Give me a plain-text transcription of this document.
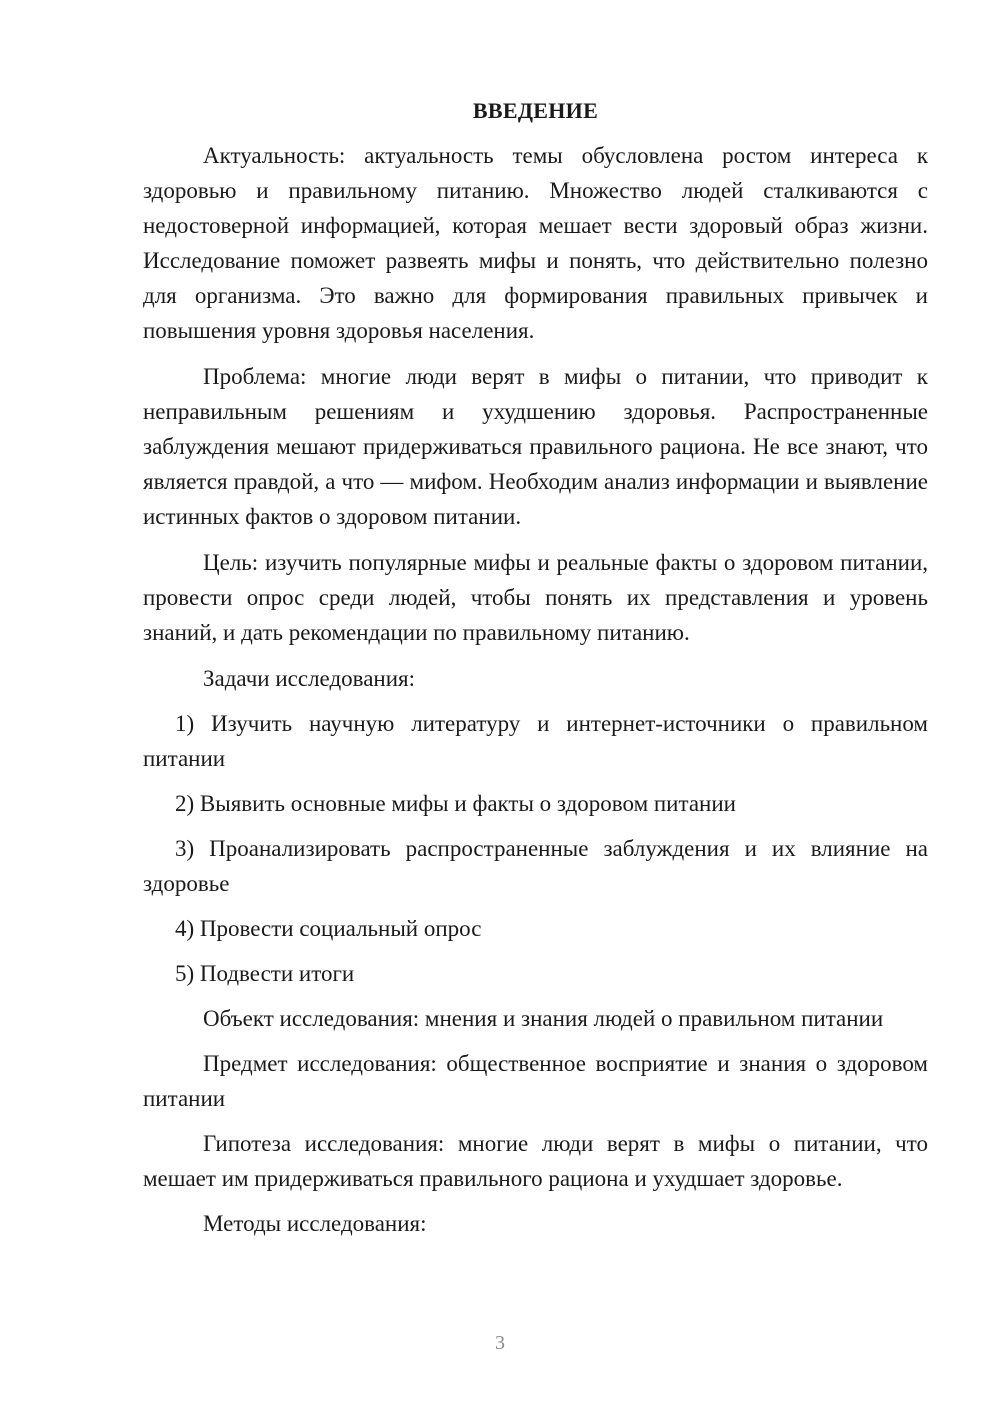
ВВЕДЕНИЕ

Актуальность: актуальность темы обусловлена ростом интереса к здоровью и правильному питанию. Множество людей сталкиваются с недостоверной информацией, которая мешает вести здоровый образ жизни. Исследование поможет развеять мифы и понять, что действительно полезно для организма. Это важно для формирования правильных привычек и повышения уровня здоровья населения.

Проблема: многие люди верят в мифы о питании, что приводит к неправильным решениям и ухудшению здоровья. Распространенные заблуждения мешают придерживаться правильного рациона. Не все знают, что является правдой, а что — мифом. Необходим анализ информации и выявление истинных фактов о здоровом питании.

Цель: изучить популярные мифы и реальные факты о здоровом питании, провести опрос среди людей, чтобы понять их представления и уровень знаний, и дать рекомендации по правильному питанию.

Задачи исследования:

1) Изучить научную литературу и интернет-источники о правильном питании

2) Выявить основные мифы и факты о здоровом питании

3) Проанализировать распространенные заблуждения и их влияние на здоровье

4) Провести социальный опрос

5) Подвести итоги

Объект исследования: мнения и знания людей о правильном питании

Предмет исследования: общественное восприятие и знания о здоровом питании

Гипотеза исследования: многие люди верят в мифы о питании, что мешает им придерживаться правильного рациона и ухудшает здоровье.

Методы исследования:

3
